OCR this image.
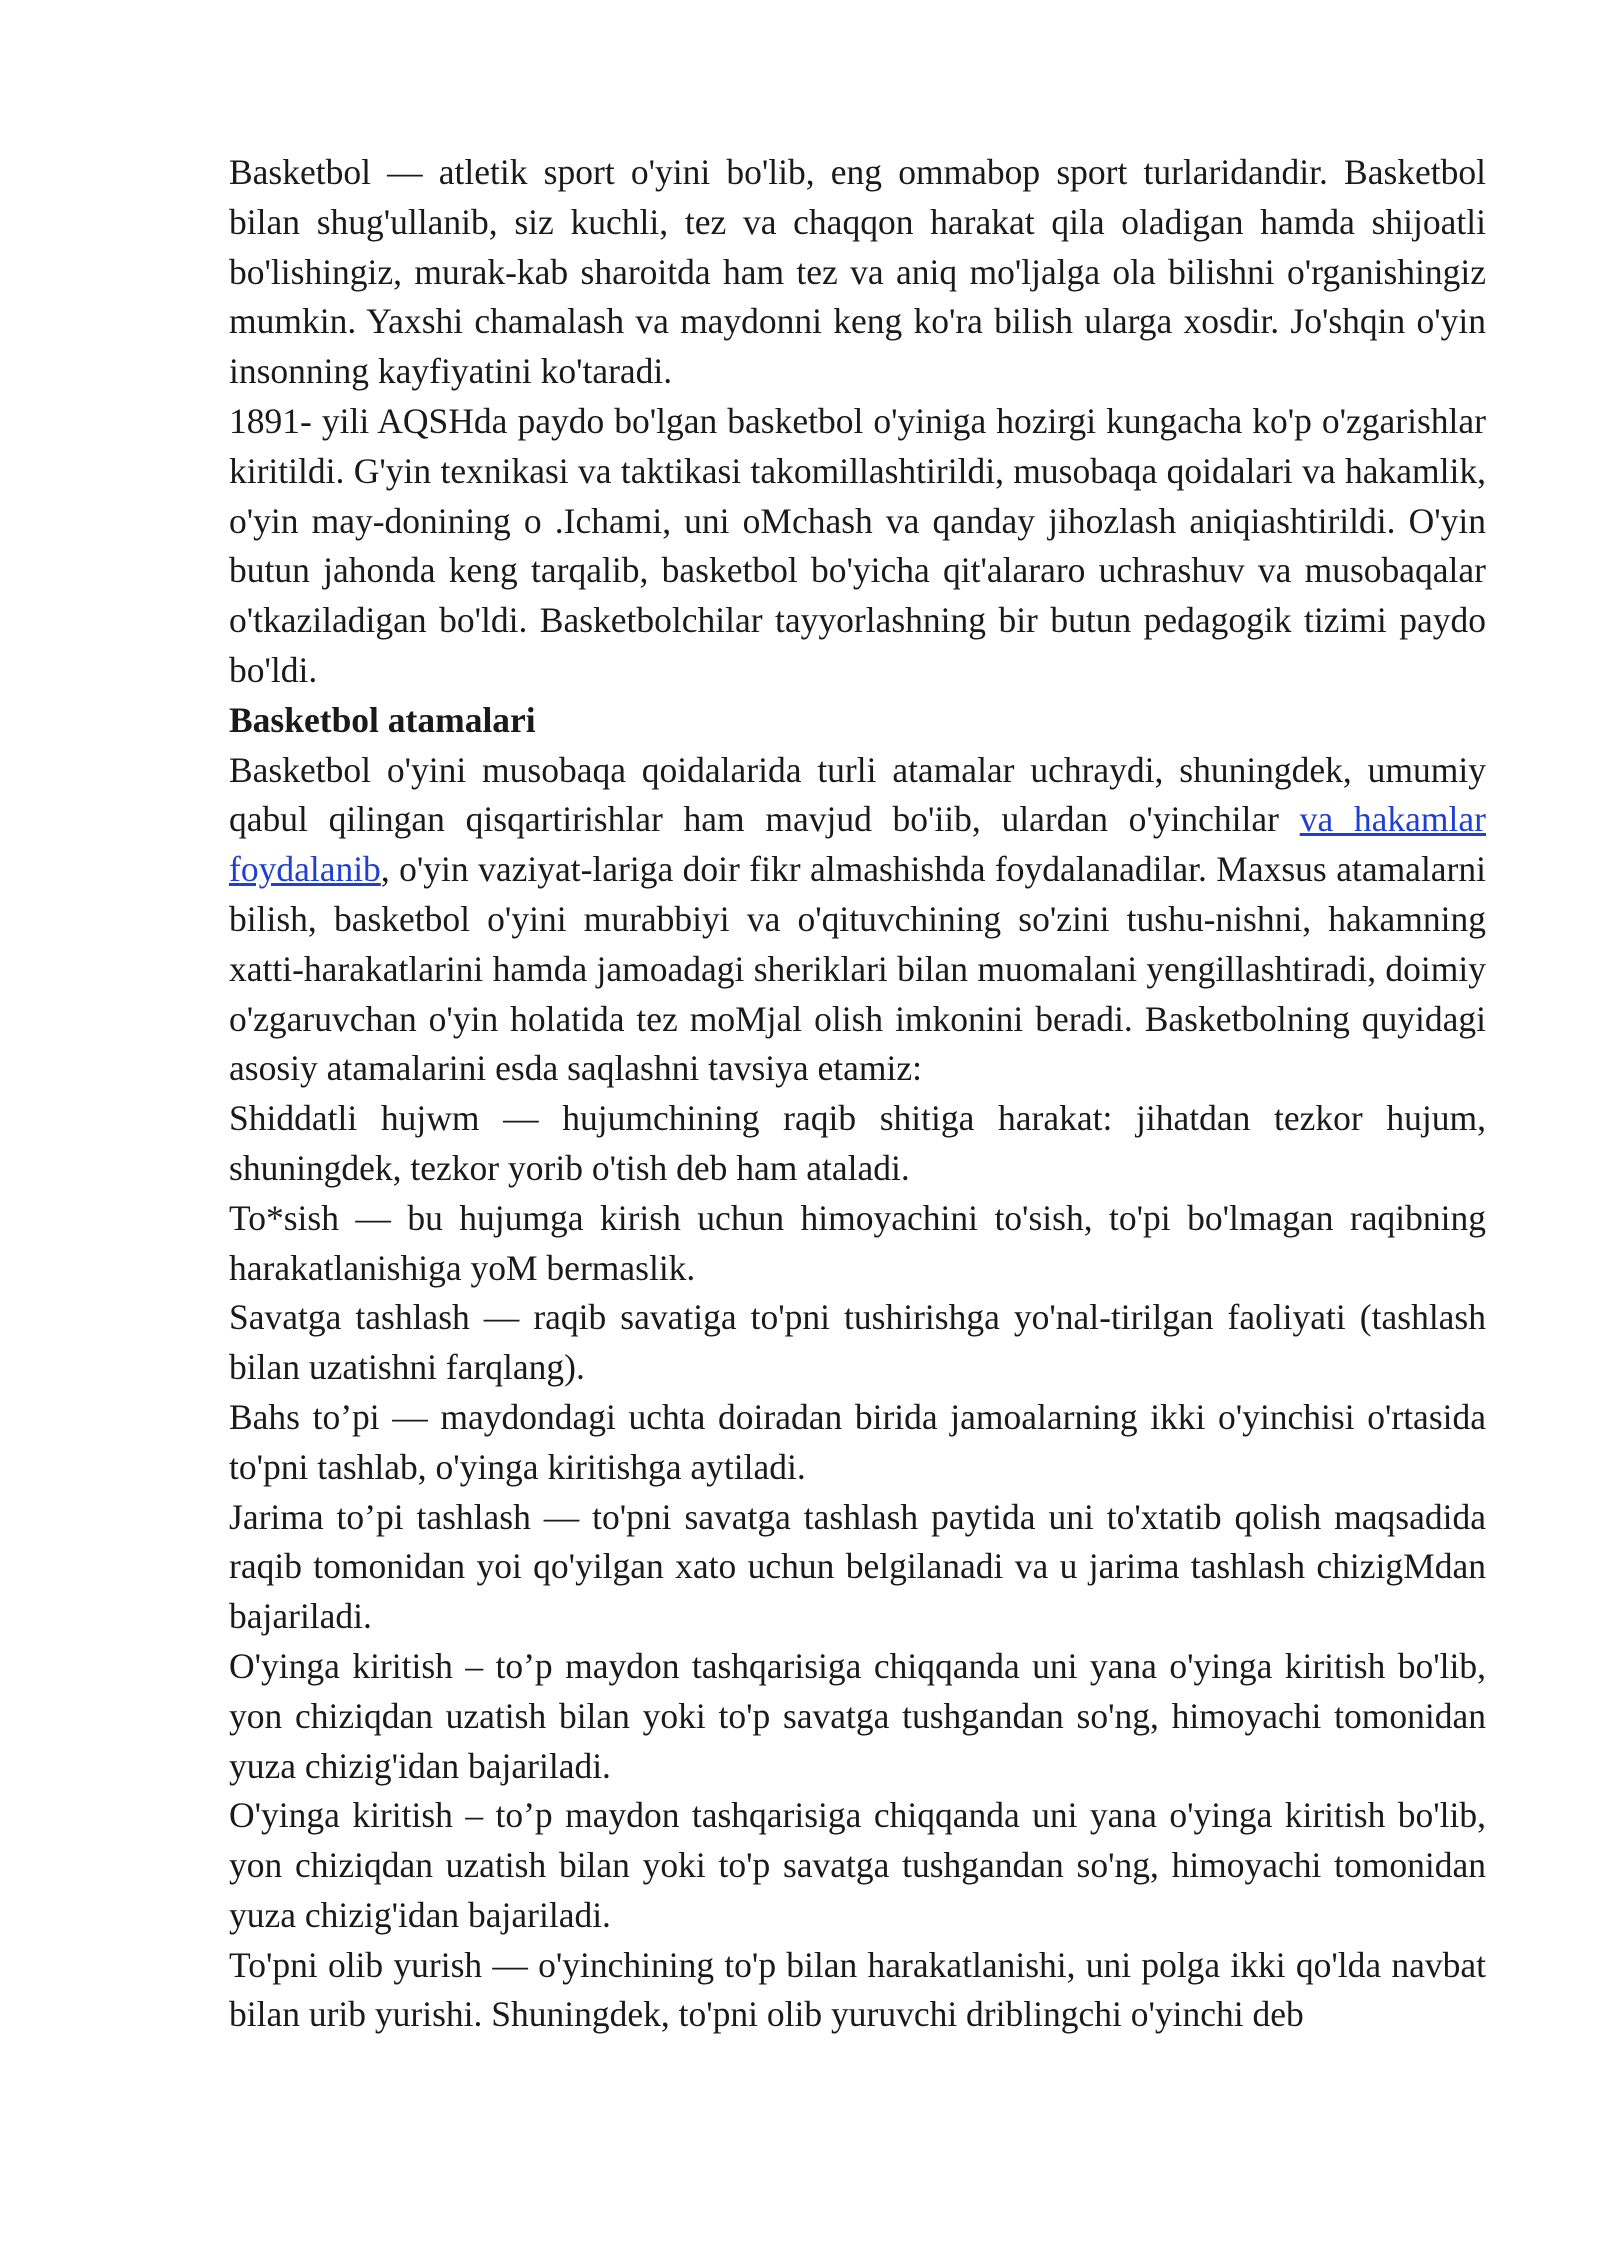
Basketbol — atletik sport o'yini bo'lib, eng ommabop sport turlaridandir. Basketbol bilan shug'ullanib, siz kuchli, tez va chaqqon harakat qila oladigan hamda shijoatli bo'lishingiz, murak-kab sharoitda ham tez va aniq mo'ljalga ola bilishni o'rganishingiz mumkin. Yaxshi chamalash va maydonni keng ko'ra bilish ularga xosdir. Jo'shqin o'yin insonning kayfiyatini ko'taradi.

1891- yili AQSHda paydo bo'lgan basketbol o'yiniga hozirgi kungacha ko'p o'zgarishlar kiritildi. G'yin texnikasi va taktikasi takomillashtirildi, musobaqa qoidalari va hakamlik, o'yin may-donining o .Ichami, uni oMchash va qanday jihozlash aniqiashtirildi. O'yin butun jahonda keng tarqalib, basketbol bo'yicha qit'alararo uchrashuv va musobaqalar o'tkaziladigan bo'ldi. Basketbolchilar tayyorlashning bir butun pedagogik tizimi paydo bo'ldi.

Basketbol atamalari

Basketbol o'yini musobaqa qoidalarida turli atamalar uchraydi, shuningdek, umumiy qabul qilingan qisqartirishlar ham mavjud bo'iib, ulardan o'yinchilar va hakamlar foydalanib, o'yin vaziyat-lariga doir fikr almashishda foydalanadilar. Maxsus atamalarni bilish, basketbol o'yini murabbiyi va o'qituvchining so'zini tushu-nishni, hakamning xatti-harakatlarini hamda jamoadagi sheriklari bilan muomalani yengillashtiradi, doimiy o'zgaruvchan o'yin holatida tez moMjal olish imkonini beradi. Basketbolning quyidagi asosiy atamalarini esda saqlashni tavsiya etamiz:

Shiddatli hujwm — hujumchining raqib shitiga harakat: jihatdan tezkor hujum, shuningdek, tezkor yorib o'tish deb ham ataladi.

To*sish — bu hujumga kirish uchun himoyachini to'sish, to'pi bo'lmagan raqibning harakatlanishiga yoM bermaslik.

Savatga tashlash — raqib savatiga to'pni tushirishga yo'nal-tirilgan faoliyati (tashlash bilan uzatishni farqlang).

Bahs to’pi — maydondagi uchta doiradan birida jamoalarning ikki o'yinchisi o'rtasida to'pni tashlab, o'yinga kiritishga aytiladi.

Jarima to’pi tashlash — to'pni savatga tashlash paytida uni to'xtatib qolish maqsadida raqib tomonidan yoi qo'yilgan xato uchun belgilanadi va u jarima tashlash chizigMdan bajariladi.

O'yinga kiritish – to’p maydon tashqarisiga chiqqanda uni yana o'yinga kiritish bo'lib, yon chiziqdan uzatish bilan yoki to'p savatga tushgandan so'ng, himoyachi tomonidan yuza chizig'idan bajariladi.

O'yinga kiritish – to’p maydon tashqarisiga chiqqanda uni yana o'yinga kiritish bo'lib, yon chiziqdan uzatish bilan yoki to'p savatga tushgandan so'ng, himoyachi tomonidan yuza chizig'idan bajariladi.

To'pni olib yurish — o'yinchining to'p bilan harakatlanishi, uni polga ikki qo'lda navbat bilan urib yurishi. Shuningdek, to'pni olib yuruvchi driblingchi o'yinchi deb
